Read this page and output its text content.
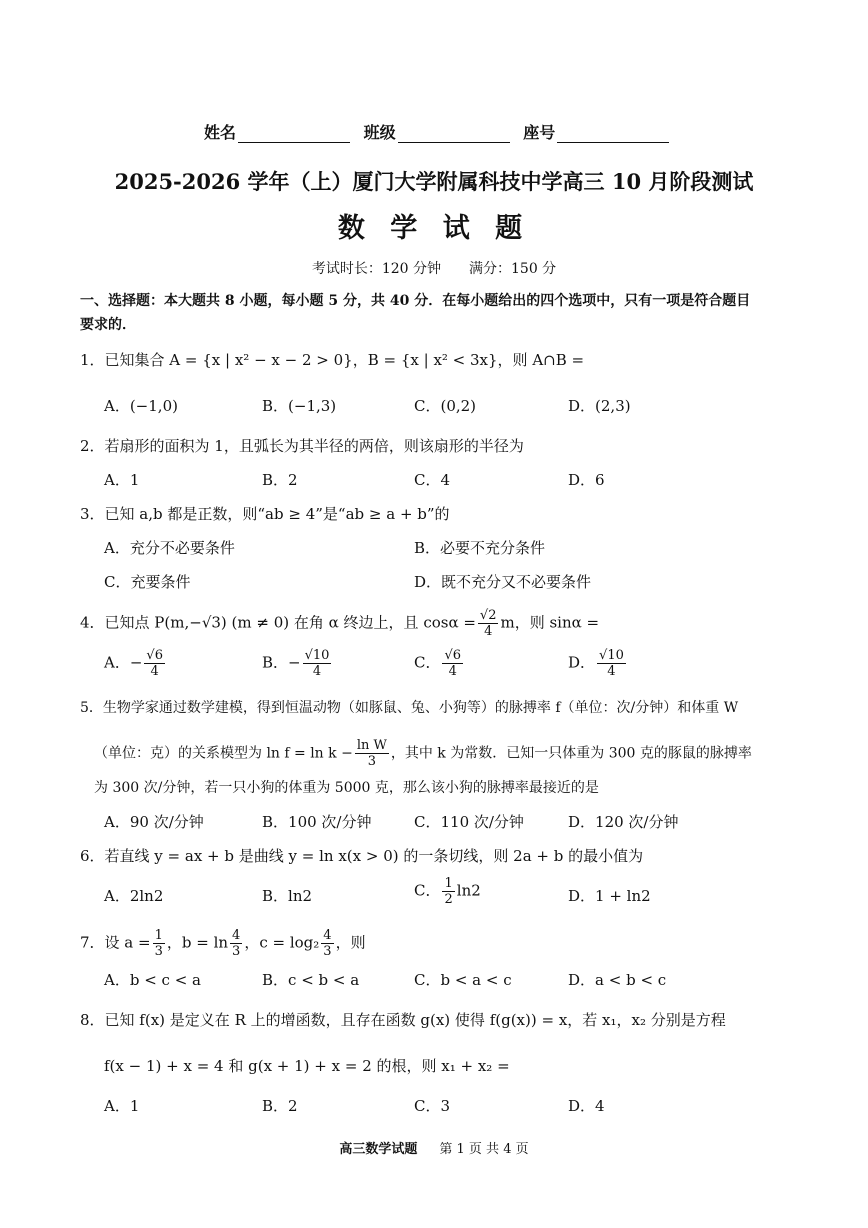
姓名	班级	座号
2025-2026 学年（上）厦门大学附属科技中学高三 10 月阶段测试
数 学 试 题
考试时长：120 分钟　　满分：150 分
一、选择题：本大题共 8 小题，每小题 5 分，共 40 分．在每小题给出的四个选项中，只有一项是符合题目
要求的．
1．已知集合 A = {x | x² − x − 2 > 0}，B = {x | x² < 3x}，则 A∩B =
A．(−1,0)	B．(−1,3)	C．(0,2)	D．(2,3)
2．若扇形的面积为 1，且弧长为其半径的两倍，则该扇形的半径为
A．1	B．2	C．4	D．6
3．已知 a,b 都是正数，则“ab ≥ 4”是“ab ≥ a + b”的
A．充分不必要条件	B．必要不充分条件
C．充要条件	D．既不充分又不必要条件
4．已知点 P(m,−√3) (m ≠ 0) 在角 α 终边上，且 $\cos\alpha = \frac{√2}{4}$ m，则 sinα =
A．− $\frac{√6}{4}$	B．− $\frac{√10}{4}$	C． $\frac{√6}{4}$	D． $\frac{√10}{4}$
5．生物学家通过数学建模，得到恒温动物（如豚鼠、兔、小狗等）的脉搏率 f（单位：次/分钟）和体重 W
（单位：克）的关系模型为 $\ln f = \ln k - \frac{\text{ln W}}{3}$ ，其中 k 为常数．已知一只体重为 300 克的豚鼠的脉搏率
为 300 次/分钟，若一只小狗的体重为 5000 克，那么该小狗的脉搏率最接近的是
A．90 次/分钟	B．100 次/分钟	C．110 次/分钟	D．120 次/分钟
6．若直线 y = ax + b 是曲线 y = ln x(x > 0) 的一条切线，则 2a + b 的最小值为
A．2ln2	B．ln2	C． $\frac{1}{2} \ln 2$	D．1 + ln2
7．设 $a = \frac{1}{3}$ ，$b = \ln \frac{4}{3}$ ，$c = \log_2 \frac{4}{3}$ ，则
A．b < c < a	B．c < b < a	C．b < a < c	D．a < b < c
8．已知 f(x) 是定义在 R 上的增函数，且存在函数 g(x) 使得 f(g(x)) = x，若 x₁，x₂ 分别是方程
f(x − 1) + x = 4 和 g(x + 1) + x = 2 的根，则 x₁ + x₂ =
A．1	B．2	C．3	D．4
高三数学试题 第 1 页 共 4 页
